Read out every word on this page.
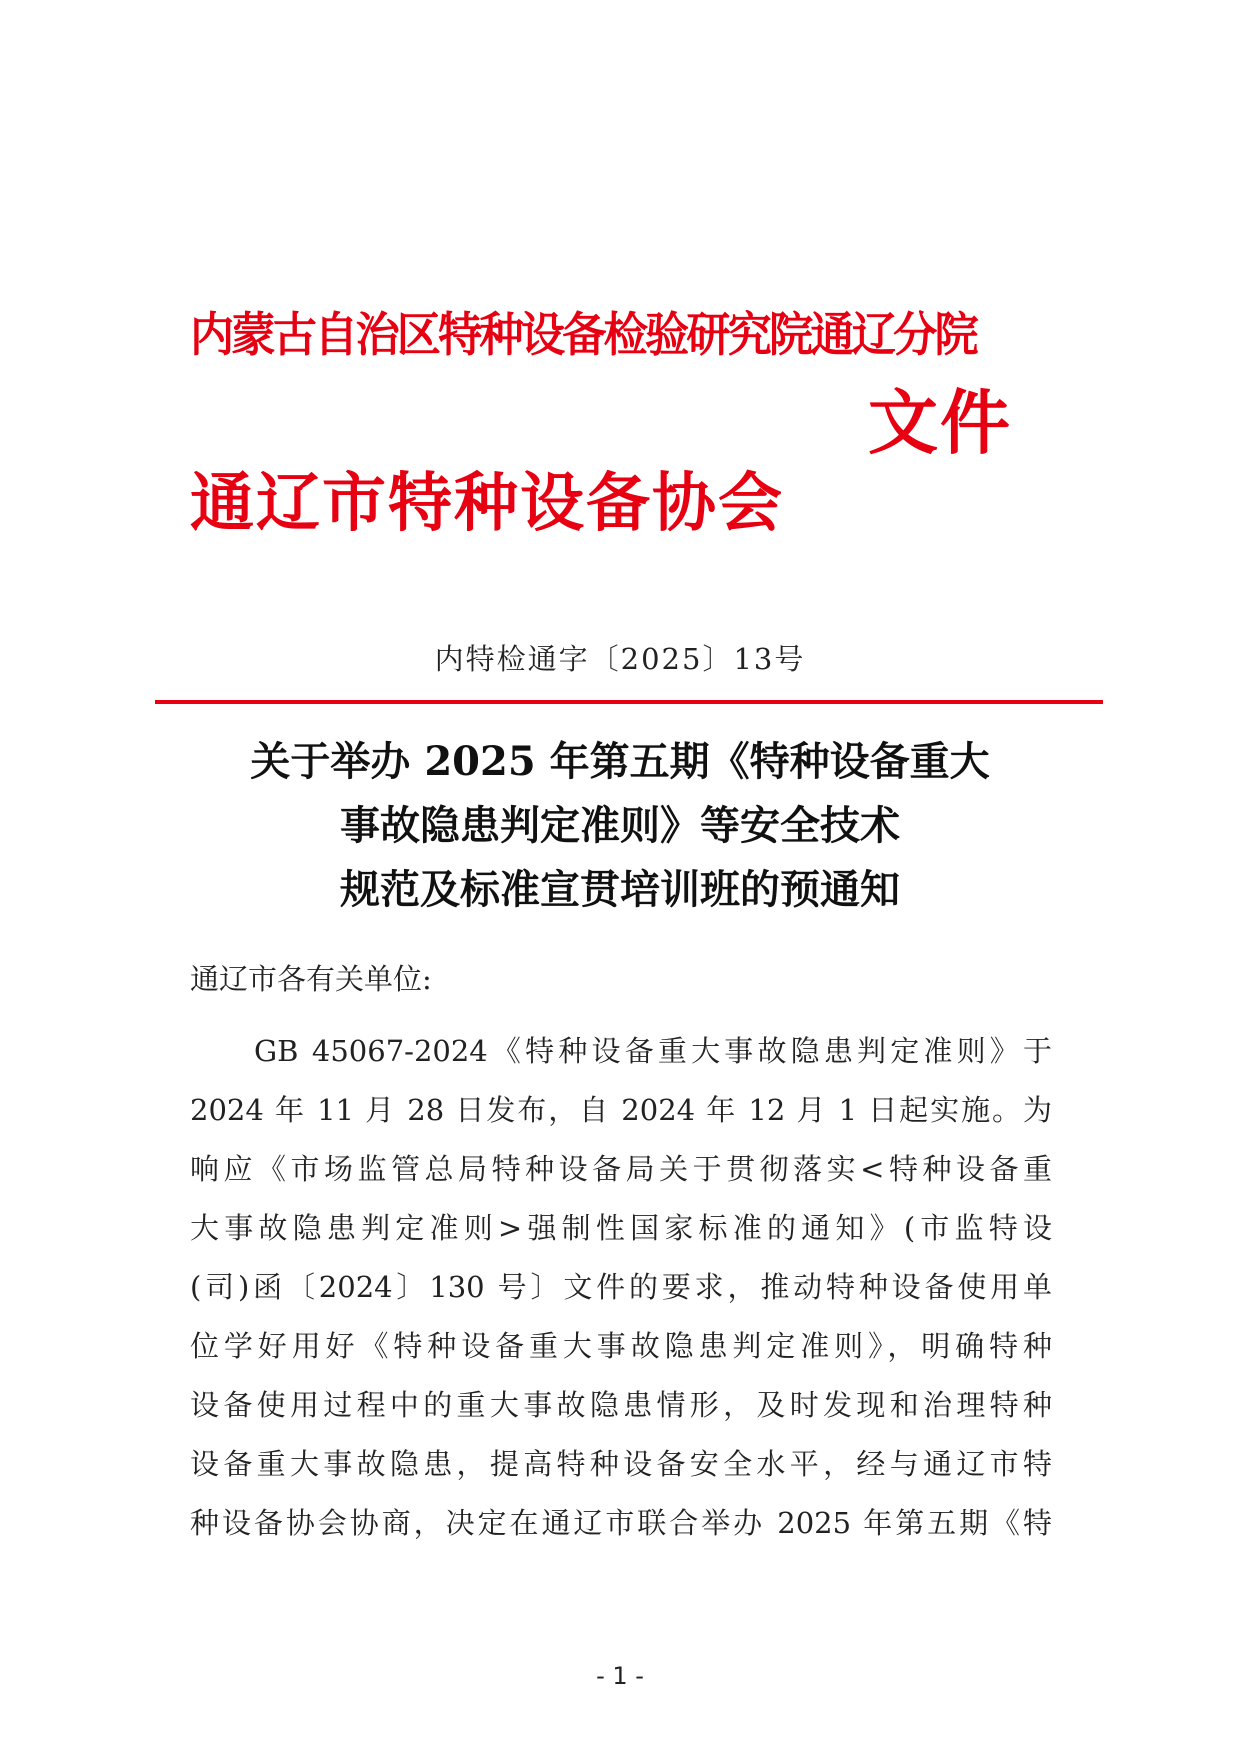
内蒙古自治区特种设备检验研究院通辽分院
文件
通辽市特种设备协会
内特检通字〔2025〕13号
关于举办 2025 年第五期《特种设备重大
事故隐患判定准则》等安全技术
规范及标准宣贯培训班的预通知
通辽市各有关单位:
GB 45067-2024《特种设备重大事故隐患判定准则》于
2024 年 11 月 28 日发布，自 2024 年 12 月 1 日起实施。为
响应《市场监管总局特种设备局关于贯彻落实<特种设备重
大事故隐患判定准则>强制性国家标准的通知》(市监特设
(司)函〔2024〕130 号〕文件的要求，推动特种设备使用单
位学好用好《特种设备重大事故隐患判定准则》，明确特种
设备使用过程中的重大事故隐患情形，及时发现和治理特种
设备重大事故隐患，提高特种设备安全水平，经与通辽市特
种设备协会协商，决定在通辽市联合举办 2025 年第五期《特
- 1 -
